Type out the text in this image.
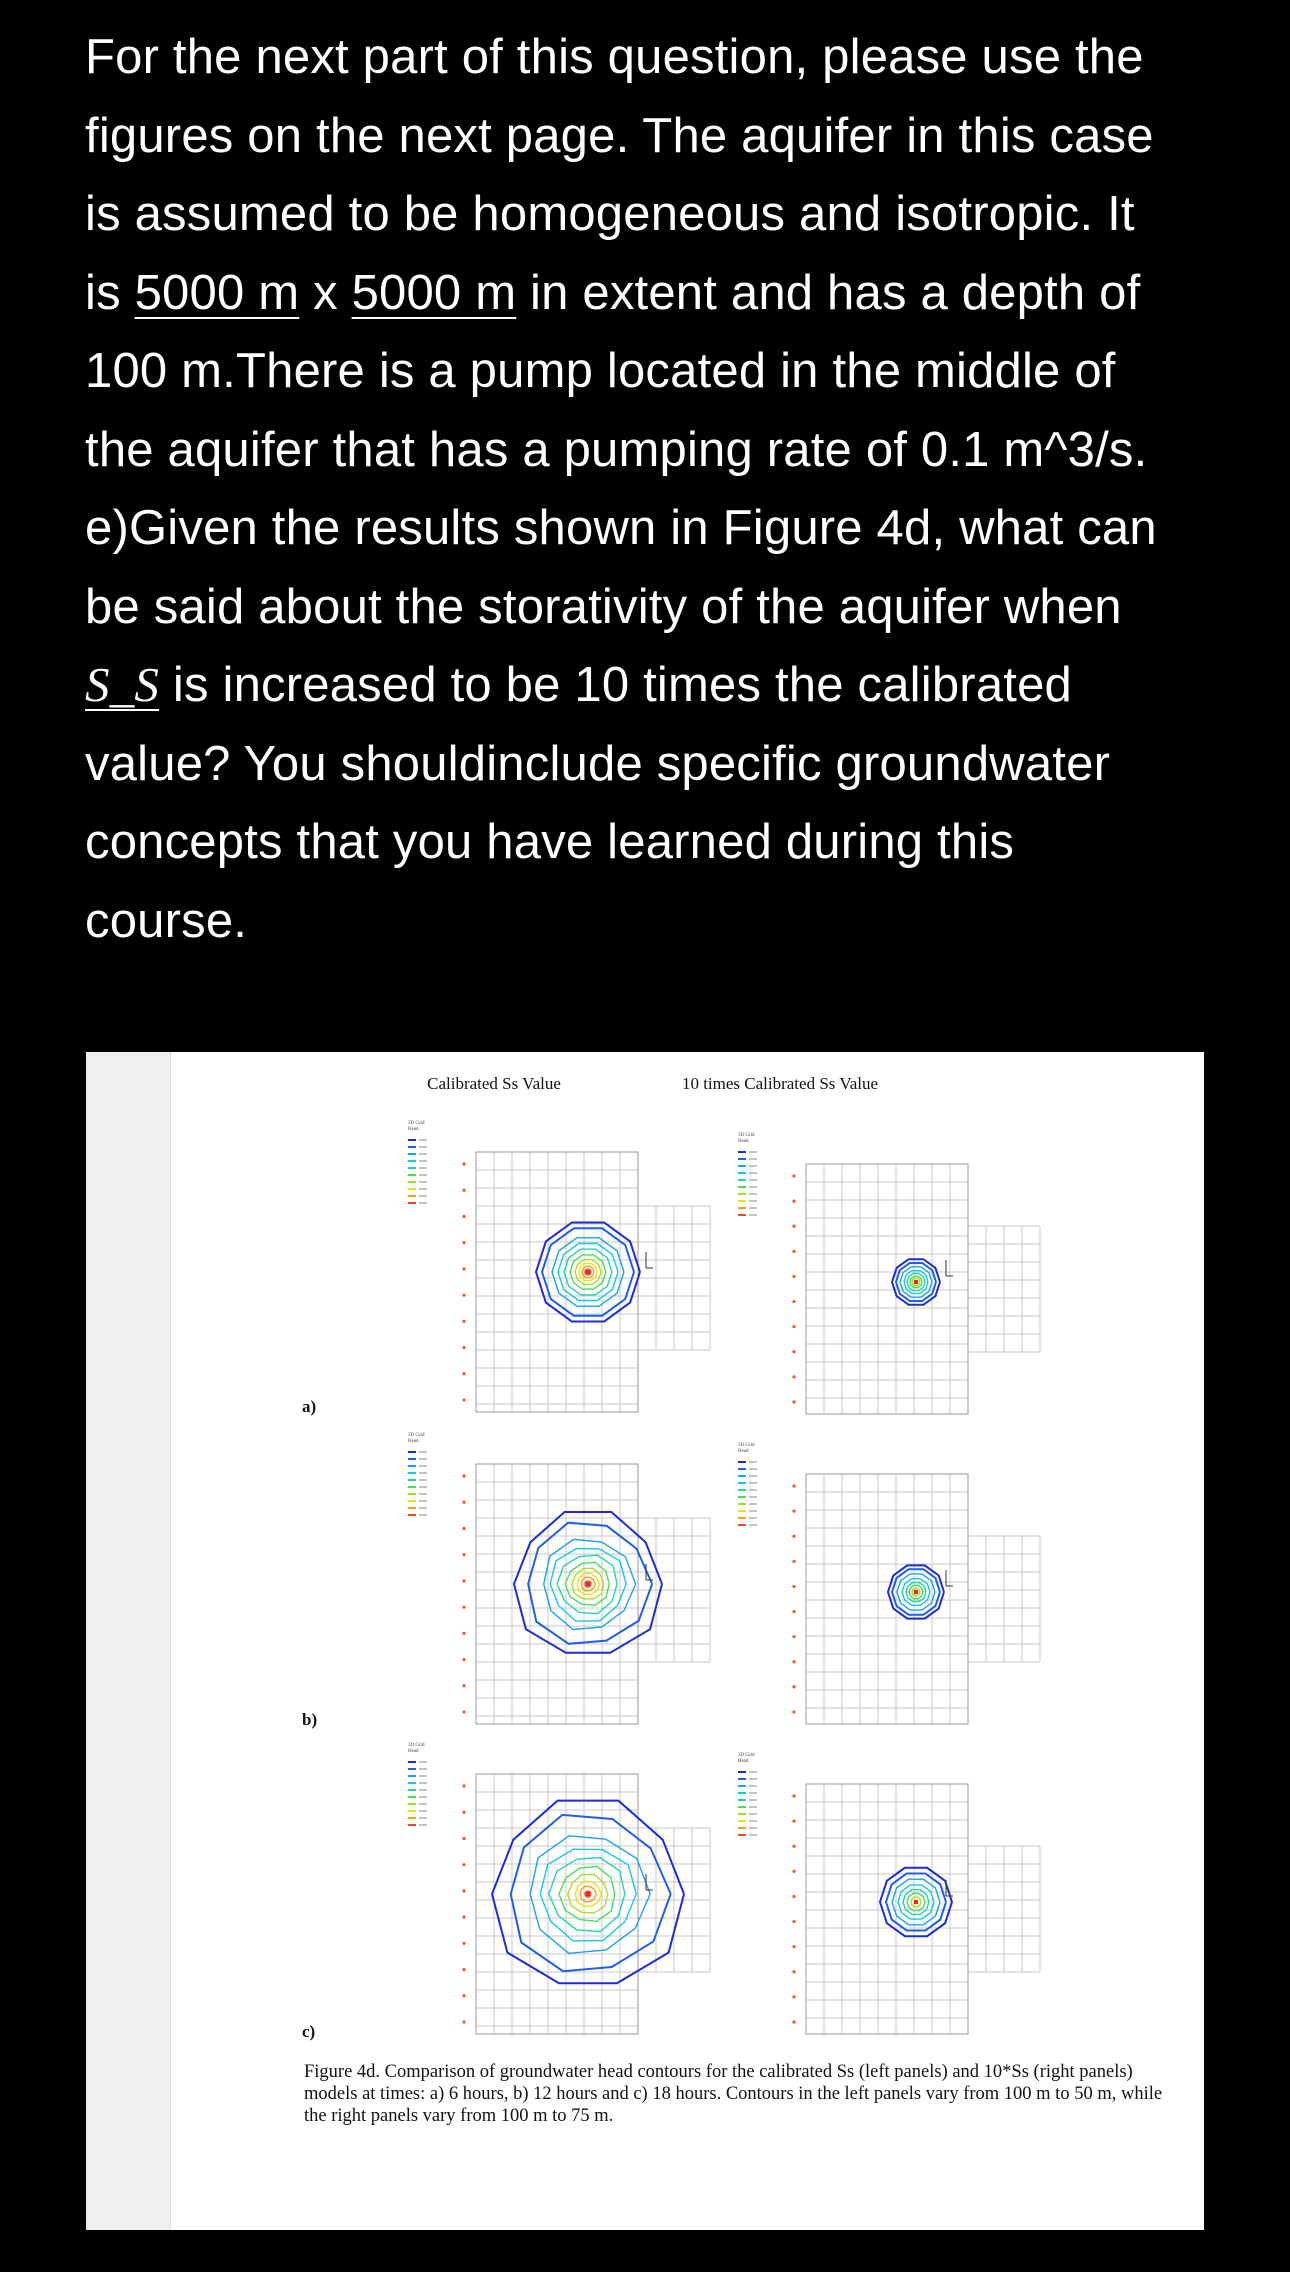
For the next part of this question, please use the
figures on the next page. The aquifer in this case
is assumed to be homogeneous and isotropic. It
is 5000 m x 5000 m in extent and has a depth of
100 m.There is a pump located in the middle of
the aquifer that has a pumping rate of 0.1 m^3/s.
e)Given the results shown in Figure 4d, what can
be said about the storativity of the aquifer when
S_S is increased to be 10 times the calibrated
value? You shouldinclude specific groundwater
concepts that you have learned during this
course.
Calibrated Ss Value	10 times Calibrated Ss Value
a)
b)
c)
3D Grid
Head
3D Grid
Head
3D Grid
Head
3D Grid
Head
3D Grid
Head
3D Grid
Head
Figure 4d. Comparison of groundwater head contours for the calibrated Ss (left panels) and 10*Ss (right panels) models at times: a) 6 hours, b) 12 hours and c) 18 hours. Contours in the left panels vary from 100 m to 50 m, while the right panels vary from 100 m to 75 m.
